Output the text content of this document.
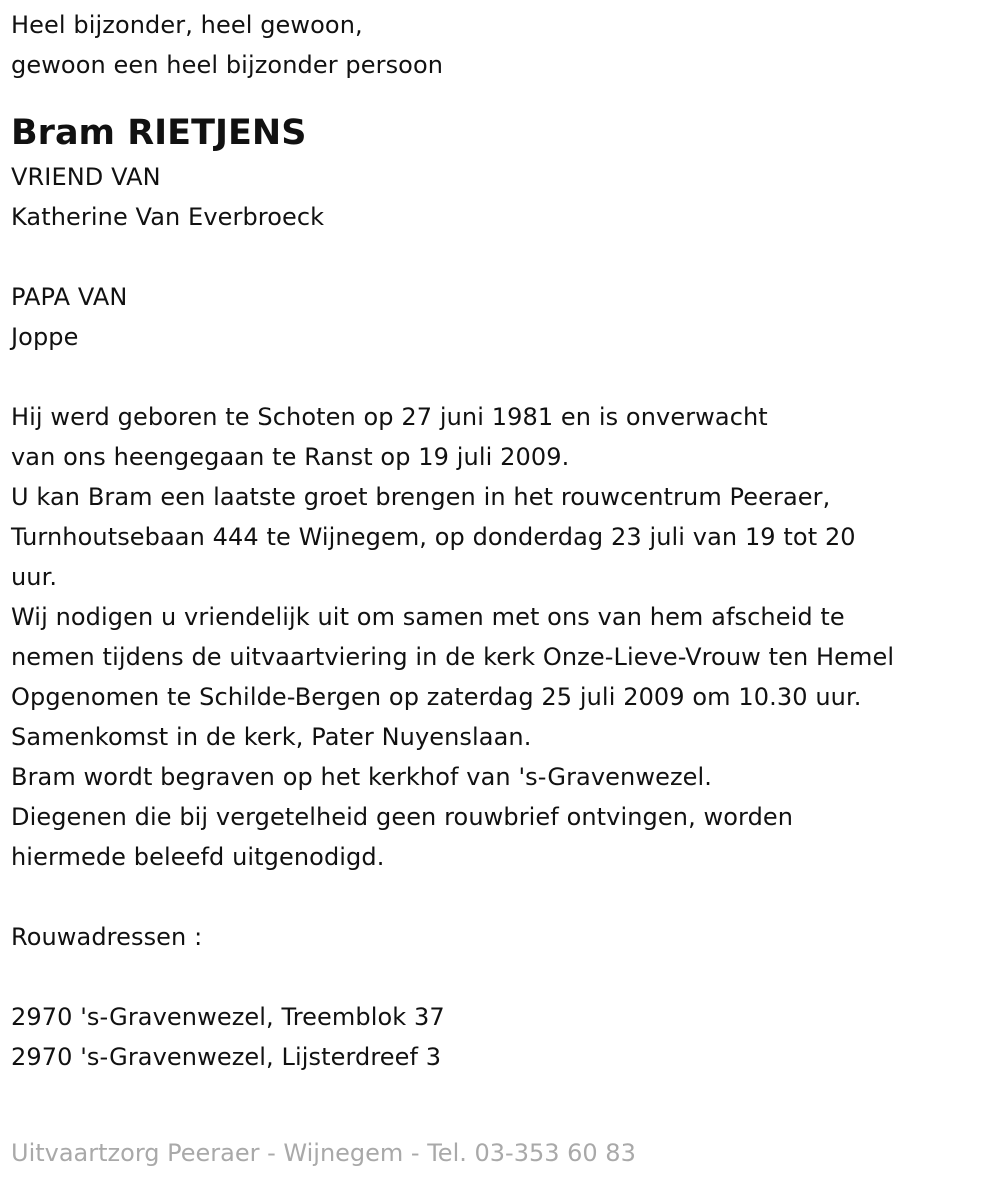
Heel bijzonder, heel gewoon,
gewoon een heel bijzonder persoon
Bram RIETJENS
VRIEND VAN
Katherine Van Everbroeck
PAPA VAN
Joppe
Hij werd geboren te Schoten op 27 juni 1981 en is onverwacht
van ons heengegaan te Ranst op 19 juli 2009.
U kan Bram een laatste groet brengen in het rouwcentrum Peeraer,
Turnhoutsebaan 444 te Wijnegem, op donderdag 23 juli van 19 tot 20
uur.
Wij nodigen u vriendelijk uit om samen met ons van hem afscheid te
nemen tijdens de uitvaartviering in de kerk Onze-Lieve-Vrouw ten Hemel
Opgenomen te Schilde-Bergen op zaterdag 25 juli 2009 om 10.30 uur.
Samenkomst in de kerk, Pater Nuyenslaan.
Bram wordt begraven op het kerkhof van 's-Gravenwezel.
Diegenen die bij vergetelheid geen rouwbrief ontvingen, worden
hiermede beleefd uitgenodigd.
Rouwadressen :
2970 's-Gravenwezel, Treemblok 37
2970 's-Gravenwezel, Lijsterdreef 3
Uitvaartzorg Peeraer - Wijnegem - Tel. 03-353 60 83
